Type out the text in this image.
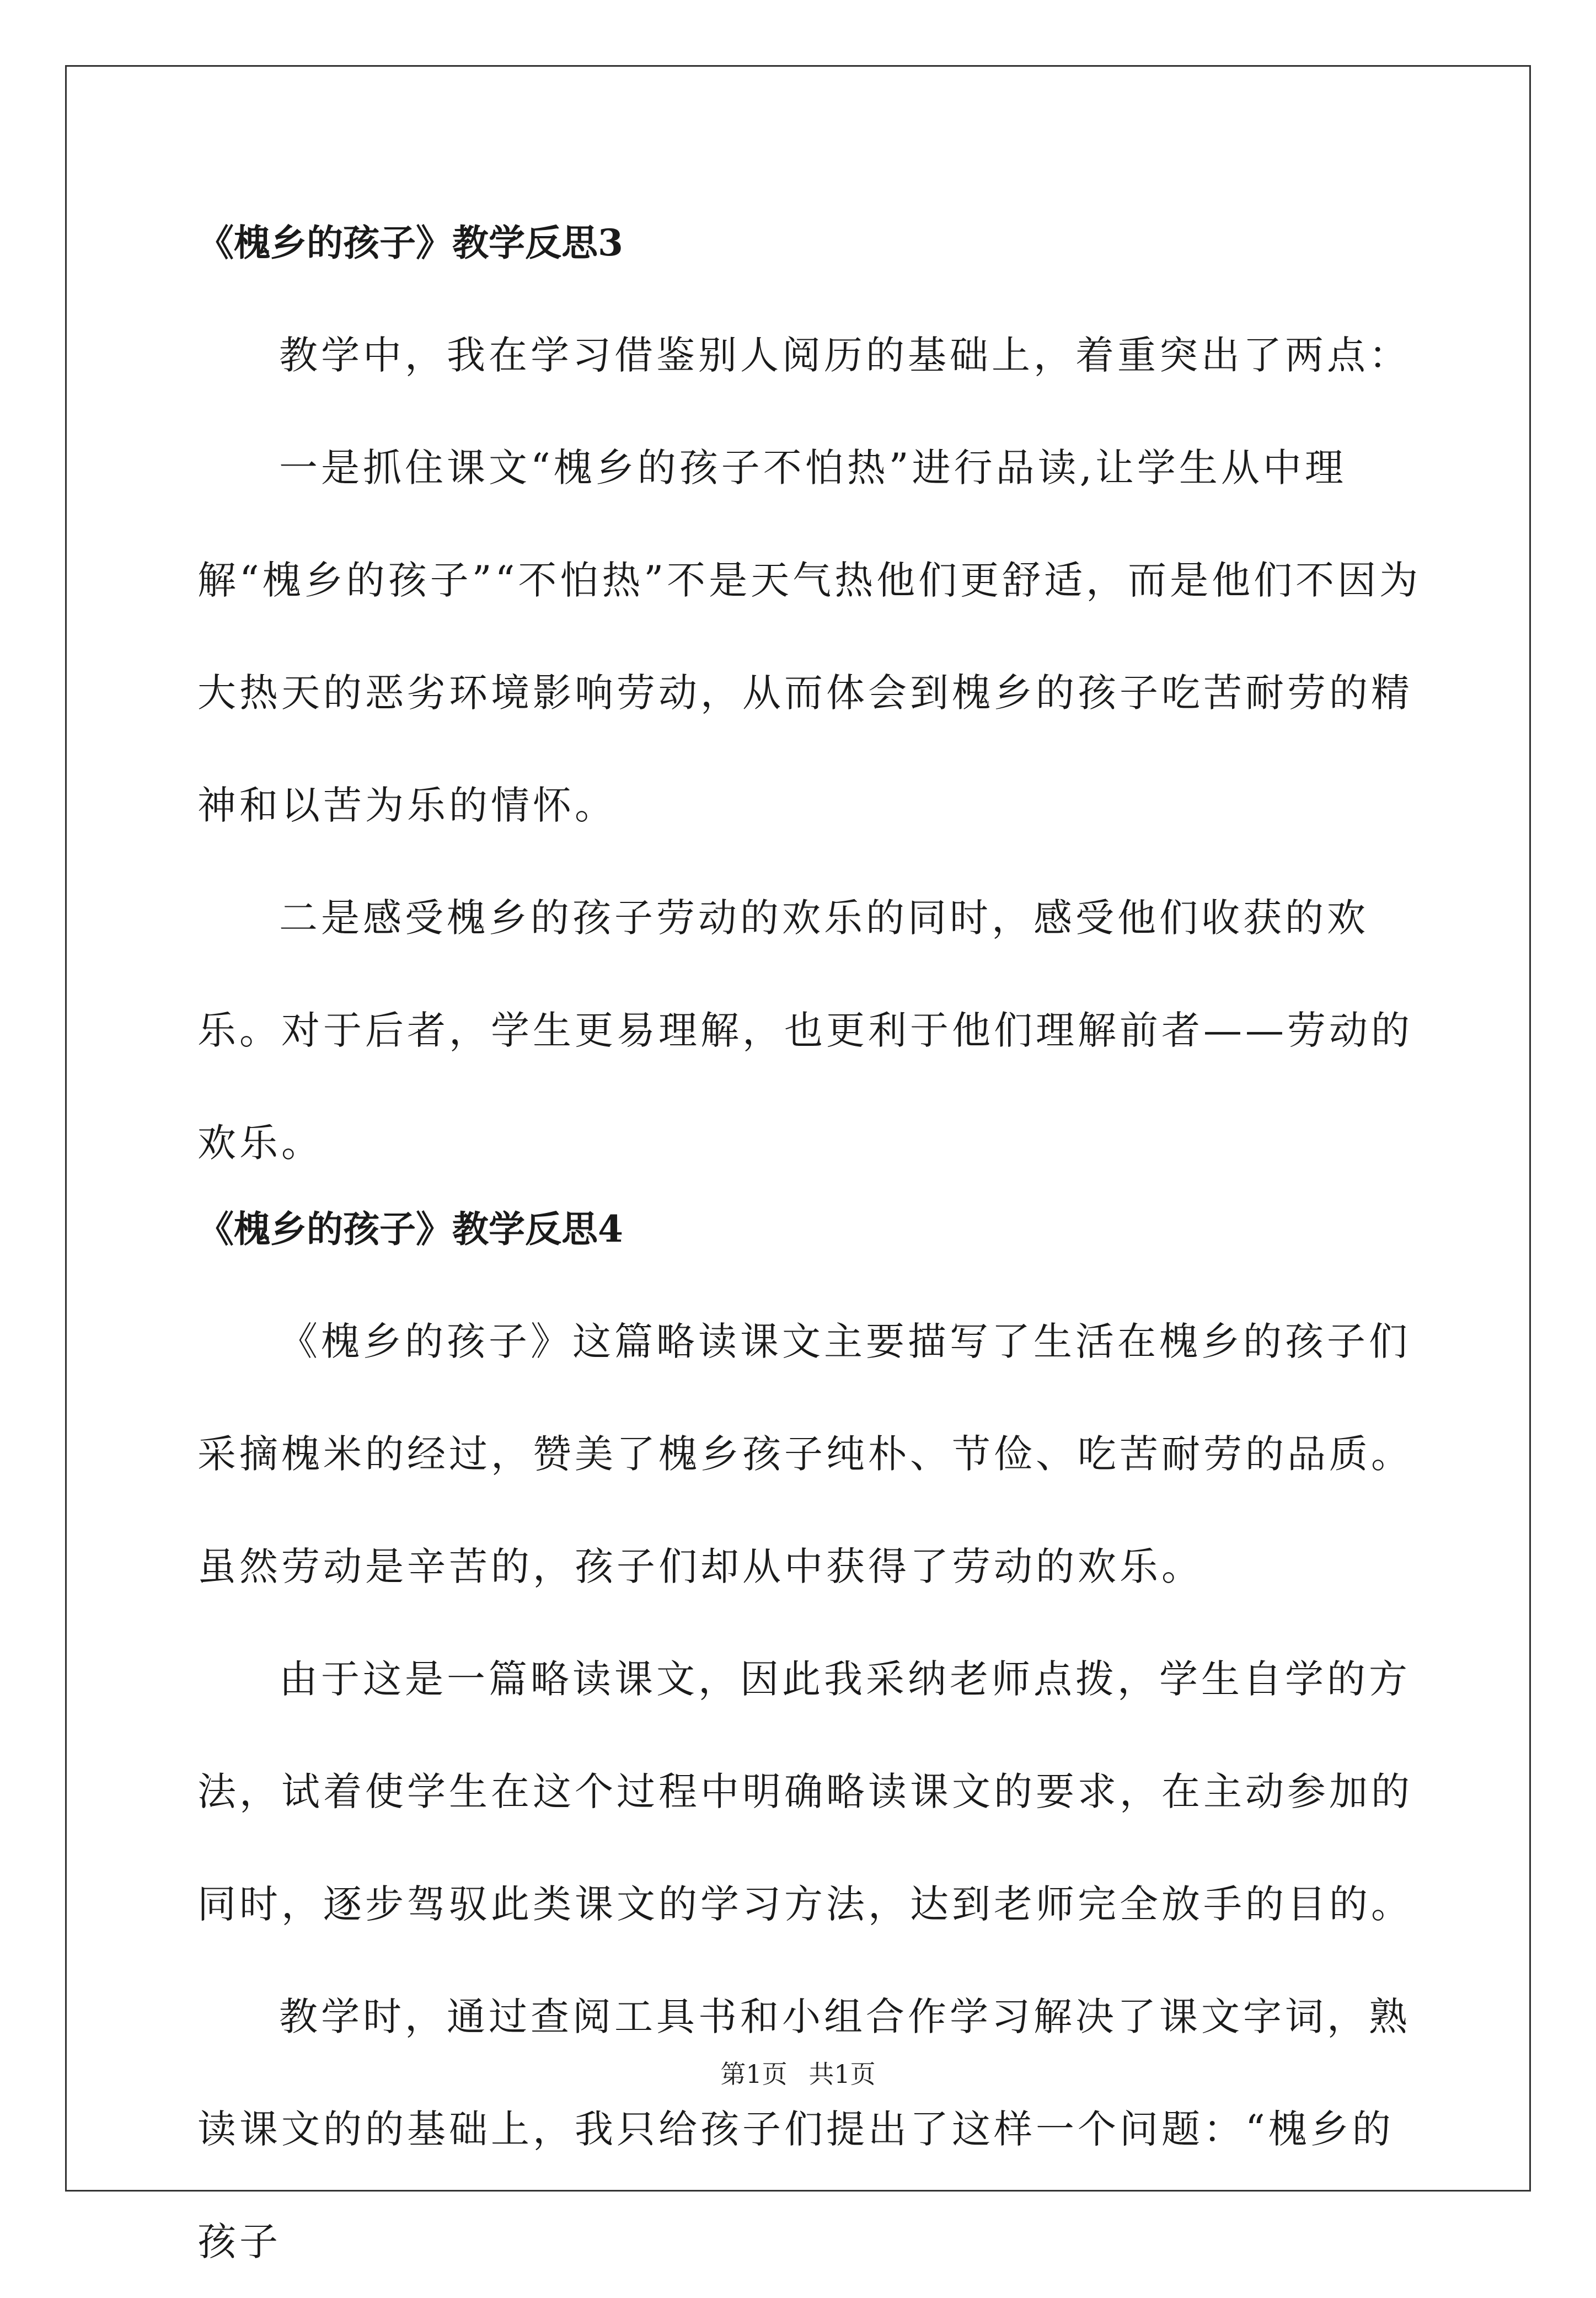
《槐乡的孩子》教学反思3

教学中，我在学习借鉴别人阅历的基础上，着重突出了两点：

一是抓住课文“槐乡的孩子不怕热”进行品读,让学生从中理解“槐乡的孩子”“不怕热”不是天气热他们更舒适，而是他们不因为大热天的恶劣环境影响劳动，从而体会到槐乡的孩子吃苦耐劳的精神和以苦为乐的情怀。

二是感受槐乡的孩子劳动的欢乐的同时，感受他们收获的欢乐。对于后者，学生更易理解，也更利于他们理解前者——劳动的欢乐。

《槐乡的孩子》教学反思4

《槐乡的孩子》这篇略读课文主要描写了生活在槐乡的孩子们采摘槐米的经过，赞美了槐乡孩子纯朴、节俭、吃苦耐劳的品质。虽然劳动是辛苦的，孩子们却从中获得了劳动的欢乐。

由于这是一篇略读课文，因此我采纳老师点拨，学生自学的方法，试着使学生在这个过程中明确略读课文的要求，在主动参加的同时，逐步驾驭此类课文的学习方法，达到老师完全放手的目的。

教学时，通过查阅工具书和小组合作学习解决了课文字词，熟读课文的的基础上，我只给孩子们提出了这样一个问题：“槐乡的孩子

第1页 共1页
